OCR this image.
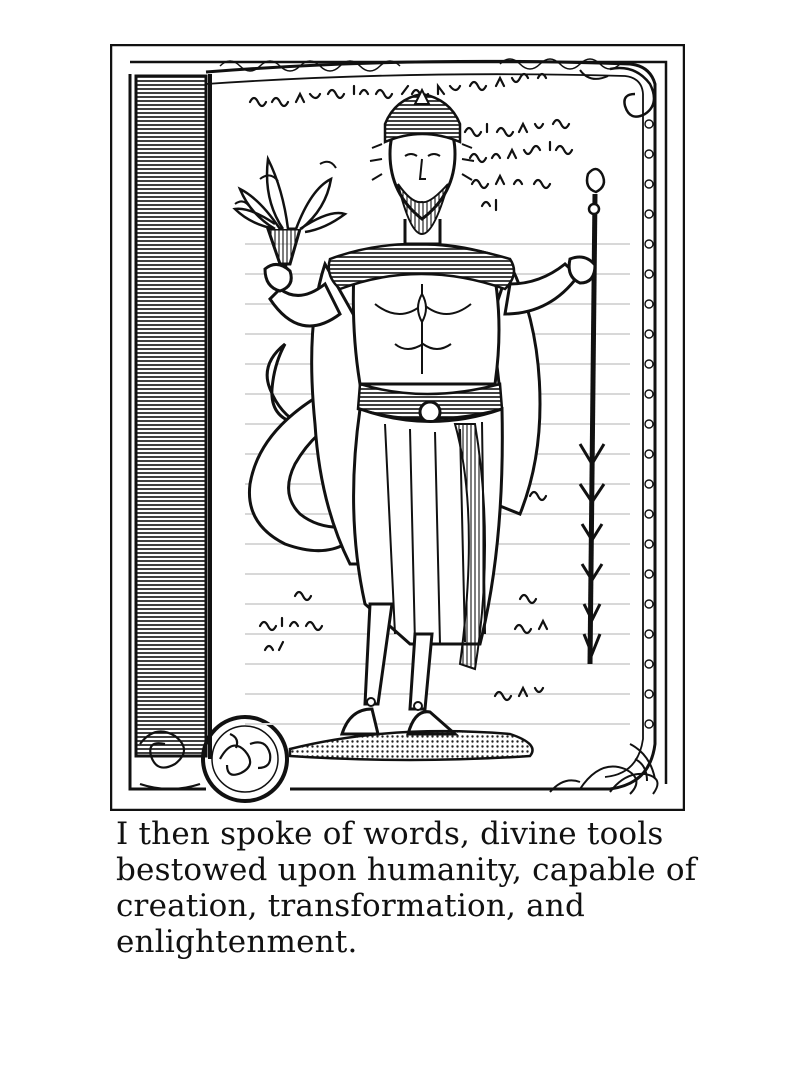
I then spoke of words, divine tools
bestowed upon humanity, capable of
creation, transformation, and
enlightenment.
